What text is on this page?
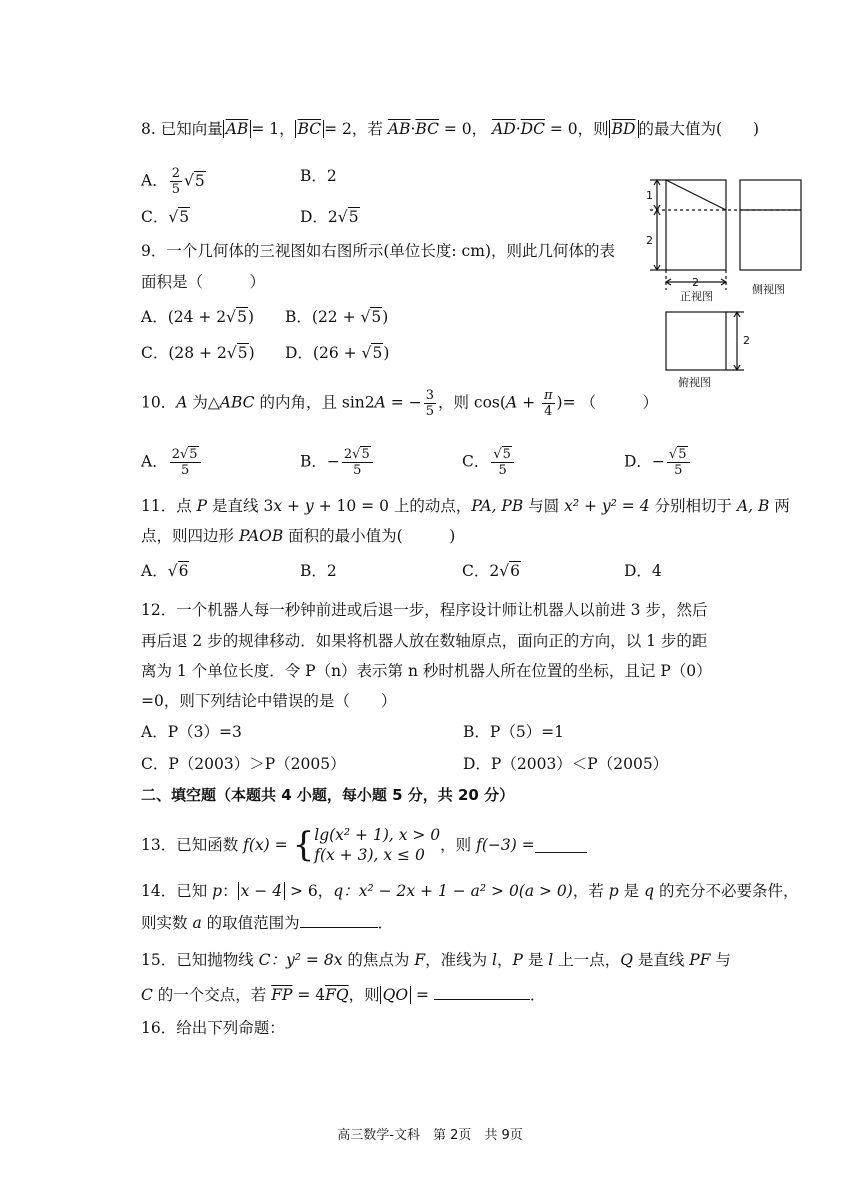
8. 已知向量 $\overline{AB} = 1$， $\overline{BC} = 2$，若 $\overline{AB}\cdot\overline{BC} = 0$， $\overline{AD}\cdot\overline{DC} = 0$，则 $\overline{BD}$ 的最大值为(　　)
A． $\frac{2}{5} √5$	B．2
C．√5	D．2√5
9．一个几何体的三视图如右图所示(单位长度: cm)，则此几何体的表
面积是（　　　）
A．(24 + 2√5) B．(22 + √5)
C．(28 + 2√5) D．(26 + √5)
1
2
2
正视图
侧视图
2
俯视图
10．A 为△ABC 的内角，且 sin2A = − $\frac{3}{5}$ ，则 $\cos(A + \frac{\pi}{4}$ )= （　　　）
A． $\frac{2√5}{5}$	B．− $\frac{2√5}{5}$	C． $\frac{√5}{5}$	D．− $\frac{√5}{5}$
11．点 P 是直线 3x + y + 10 = 0 上的动点，PA, PB 与圆 x² + y² = 4 分别相切于 A, B 两
点，则四边形 PAOB 面积的最小值为(　　　)
A．√6	B．2	C．2√6	D．4
12．一个机器人每一秒钟前进或后退一步，程序设计师让机器人以前进 3 步，然后
再后退 2 步的规律移动．如果将机器人放在数轴原点，面向正的方向，以 1 步的距
离为 1 个单位长度．令 P（n）表示第 n 秒时机器人所在位置的坐标，且记 P（0）
=0，则下列结论中错误的是（　　）
A．P（3）=3	B．P（5）=1
C．P（2003）＞P（2005）	D．P（2003）＜P（2005）
二、填空题（本题共 4 小题，每小题 5 分，共 20 分）
13．已知函数 f(x) = { lg(x² + 1), x > 0
f(x + 3), x ≤ 0
，则 f(−3) =
14．已知 p： x − 4 > 6，q：x² − 2x + 1 − a² > 0(a > 0)，若 p 是 q 的充分不必要条件，
则实数 a 的取值范围为	．
15．已知抛物线 C：y² = 8x 的焦点为 F，准线为 l，P 是 l 上一点，Q 是直线 PF 与
C 的一个交点，若 $\overline{FP} = 4\overline{FQ}$，则 QO =	．
16．给出下列命题：
高三数学-文科　第 2页　共 9页
